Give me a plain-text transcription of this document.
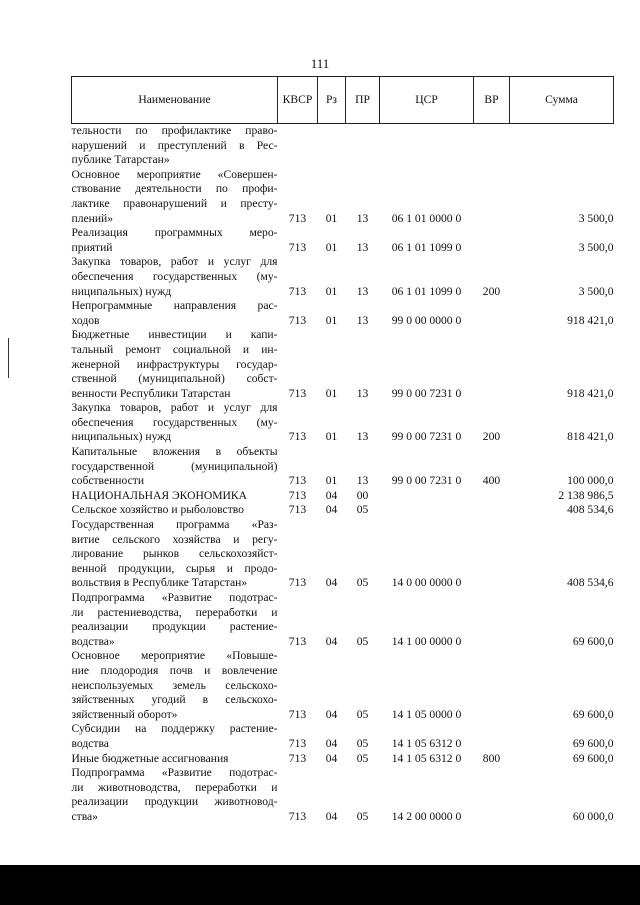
111
Наименование	КВСР	Рз	ПР	ЦСР	ВР	Сумма

тельности по профилактике право-
нарушений и преступлений в Рес-
публике Татарстан»						

Основное мероприятие «Совершен-
ствование деятельности по профи-
лактике правонарушений и престу-
плений»	713	01	13	06 1 01 0000 0		3 500,0

Реализация программных меро-
приятий	713	01	13	06 1 01 1099 0		3 500,0

Закупка товаров, работ и услуг для
обеспечения государственных (му-
ниципальных) нужд	713	01	13	06 1 01 1099 0	200	3 500,0

Непрограммные направления рас-
ходов	713	01	13	99 0 00 0000 0		918 421,0

Бюджетные инвестиции и капи-
тальный ремонт социальной и ин-
женерной инфраструктуры государ-
ственной (муниципальной) собст-
венности Республики Татарстан	713	01	13	99 0 00 7231 0		918 421,0

Закупка товаров, работ и услуг для
обеспечения государственных (му-
ниципальных) нужд	713	01	13	99 0 00 7231 0	200	818 421,0

Капитальные вложения в объекты
государственной (муниципальной)
собственности	713	01	13	99 0 00 7231 0	400	100 000,0

НАЦИОНАЛЬНАЯ ЭКОНОМИКА	713	04	00			2 138 986,5

Сельское хозяйство и рыболовство	713	04	05			408 534,6

Государственная программа «Раз-
витие сельского хозяйства и регу-
лирование рынков сельскохозяйст-
венной продукции, сырья и продо-
вольствия в Республике Татарстан»	713	04	05	14 0 00 0000 0		408 534,6

Подпрограмма «Развитие подотрас-
ли растениеводства, переработки и
реализации продукции растение-
водства»	713	04	05	14 1 00 0000 0		69 600,0

Основное мероприятие «Повыше-
ние плодородия почв и вовлечение
неиспользуемых земель сельскохо-
зяйственных угодий в сельскохо-
зяйственный оборот»	713	04	05	14 1 05 0000 0		69 600,0

Субсидии на поддержку растение-
водства	713	04	05	14 1 05 6312 0		69 600,0

Иные бюджетные ассигнования	713	04	05	14 1 05 6312 0	800	69 600,0

Подпрограмма «Развитие подотрас-
ли животноводства, переработки и
реализации продукции животновод-
ства»	713	04	05	14 2 00 0000 0		60 000,0
